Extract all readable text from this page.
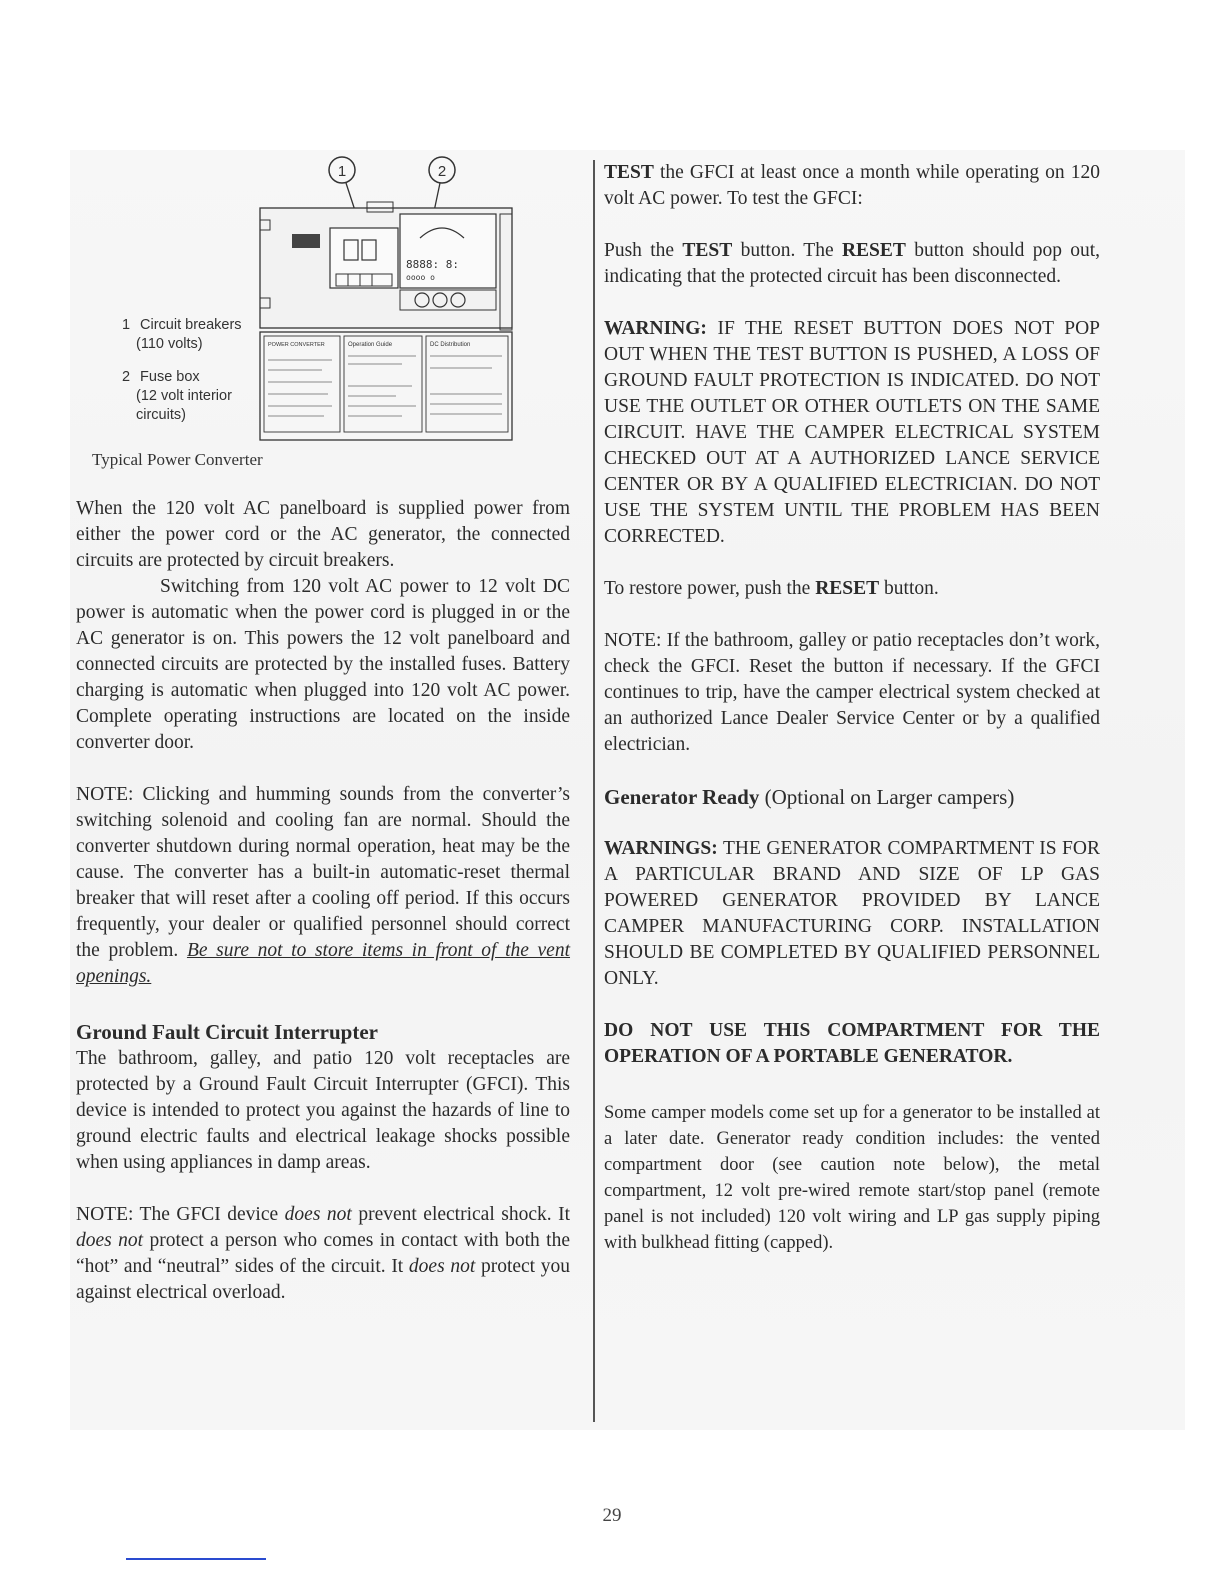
1	2
8888: 8:
oooo o
POWER CONVERTER	Operation Guide	DC Distribution
1 Circuit breakers
(110 volts)
2 Fuse box
(12 volt interior
circuits)
Typical Power Converter

When the 120 volt AC panelboard is supplied power from either the power cord or the AC generator, the connected circuits are protected by circuit breakers.

Switching from 120 volt AC power to 12 volt DC power is automatic when the power cord is plugged in or the AC generator is on. This powers the 12 volt panelboard and connected circuits are protected by the installed fuses. Battery charging is automatic when plugged into 120 volt AC power. Complete operating instructions are located on the inside converter door.

NOTE: Clicking and humming sounds from the converter’s switching solenoid and cooling fan are normal. Should the converter shutdown during normal operation, heat may be the cause. The converter has a built-in automatic-reset thermal breaker that will reset after a cooling off period. If this occurs frequently, your dealer or qualified personnel should correct the problem. Be sure not to store items in front of the vent openings.

Ground Fault Circuit Interrupter

The bathroom, galley, and patio 120 volt receptacles are protected by a Ground Fault Circuit Interrupter (GFCI). This device is intended to protect you against the hazards of line to ground electric faults and electrical leakage shocks possible when using appliances in damp areas.

NOTE: The GFCI device does not prevent electrical shock. It does not protect a person who comes in contact with both the “hot” and “neutral” sides of the circuit. It does not protect you against electrical overload.

TEST the GFCI at least once a month while operating on 120 volt AC power. To test the GFCI:

Push the TEST button. The RESET button should pop out, indicating that the protected circuit has been disconnected.

WARNING: IF THE RESET BUTTON DOES NOT POP OUT WHEN THE TEST BUTTON IS PUSHED, A LOSS OF GROUND FAULT PROTECTION IS INDICATED. DO NOT USE THE OUTLET OR OTHER OUTLETS ON THE SAME CIRCUIT. HAVE THE CAMPER ELECTRICAL SYSTEM CHECKED OUT AT A AUTHORIZED LANCE SERVICE CENTER OR BY A QUALIFIED ELECTRICIAN. DO NOT USE THE SYSTEM UNTIL THE PROBLEM HAS BEEN CORRECTED.

To restore power, push the RESET button.

NOTE: If the bathroom, galley or patio receptacles don’t work, check the GFCI. Reset the button if necessary. If the GFCI continues to trip, have the camper electrical system checked at an authorized Lance Dealer Service Center or by a qualified electrician.

Generator Ready (Optional on Larger campers)

WARNINGS: THE GENERATOR COMPARTMENT IS FOR A PARTICULAR BRAND AND SIZE OF LP GAS POWERED GENERATOR PROVIDED BY LANCE CAMPER MANUFACTURING CORP. INSTALLATION SHOULD BE COMPLETED BY QUALIFIED PERSONNEL ONLY.

DO NOT USE THIS COMPARTMENT FOR THE OPERATION OF A PORTABLE GENERATOR.

Some camper models come set up for a generator to be installed at a later date. Generator ready condition includes: the vented compartment door (see caution note below), the metal compartment, 12 volt pre-wired remote start/stop panel (remote panel is not included) 120 volt wiring and LP gas supply piping with bulkhead fitting (capped).

29
